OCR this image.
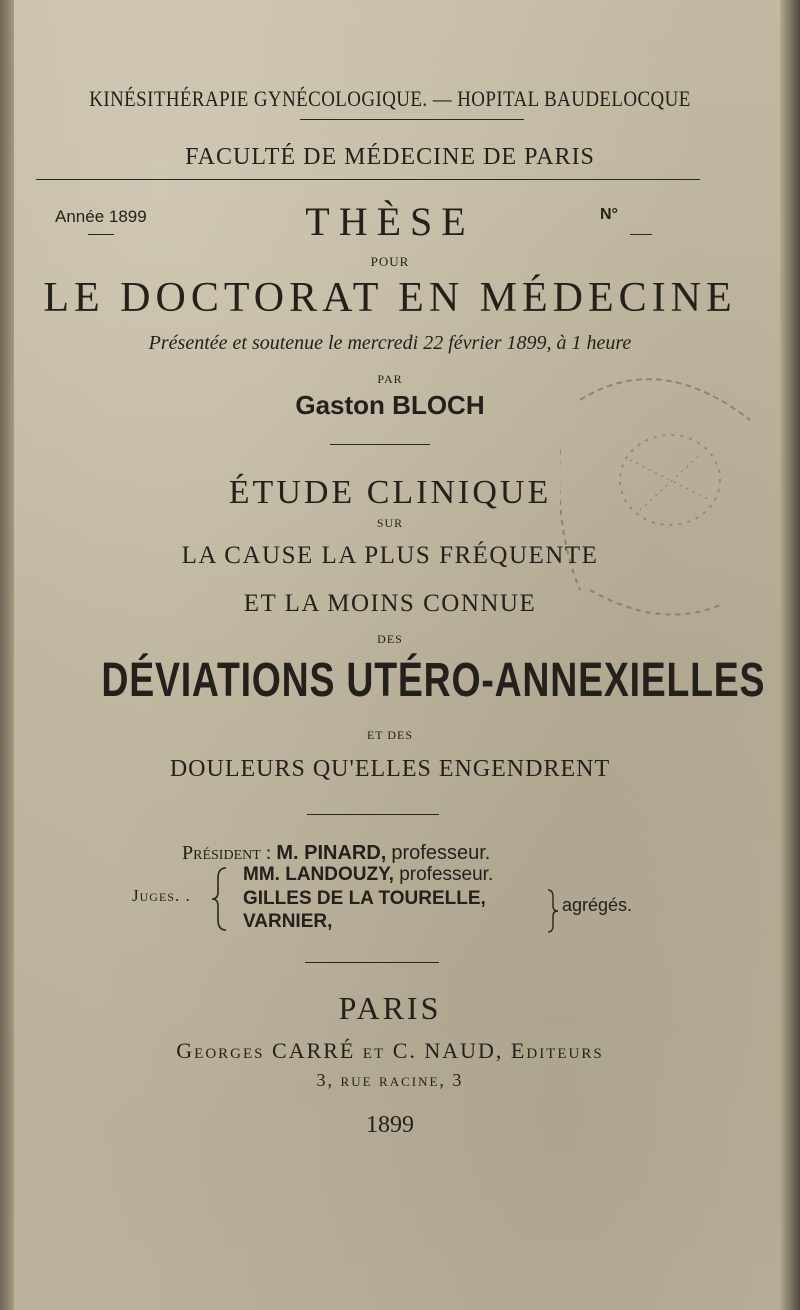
KINÉSITHÉRAPIE GYNÉCOLOGIQUE. — HOPITAL BAUDELOCQUE
FACULTÉ DE MÉDECINE DE PARIS
Année 1899	N°
THÈSE
POUR
LE DOCTORAT EN MÉDECINE
Présentée et soutenue le mercredi 22 février 1899, à 1 heure
PAR
Gaston BLOCH
ÉTUDE CLINIQUE
SUR
LA CAUSE LA PLUS FRÉQUENTE
ET LA MOINS CONNUE
DES
DÉVIATIONS UTÉRO-ANNEXIELLES
ET DES
DOULEURS QU'ELLES ENGENDRENT
Président : M. PINARD, professeur.
Juges. .
MM. LANDOUZY, professeur.
GILLES DE LA TOURELLE,
VARNIER,
agrégés.
PARIS
Georges CARRÉ et C. NAUD, Editeurs
3, rue racine, 3
1899
